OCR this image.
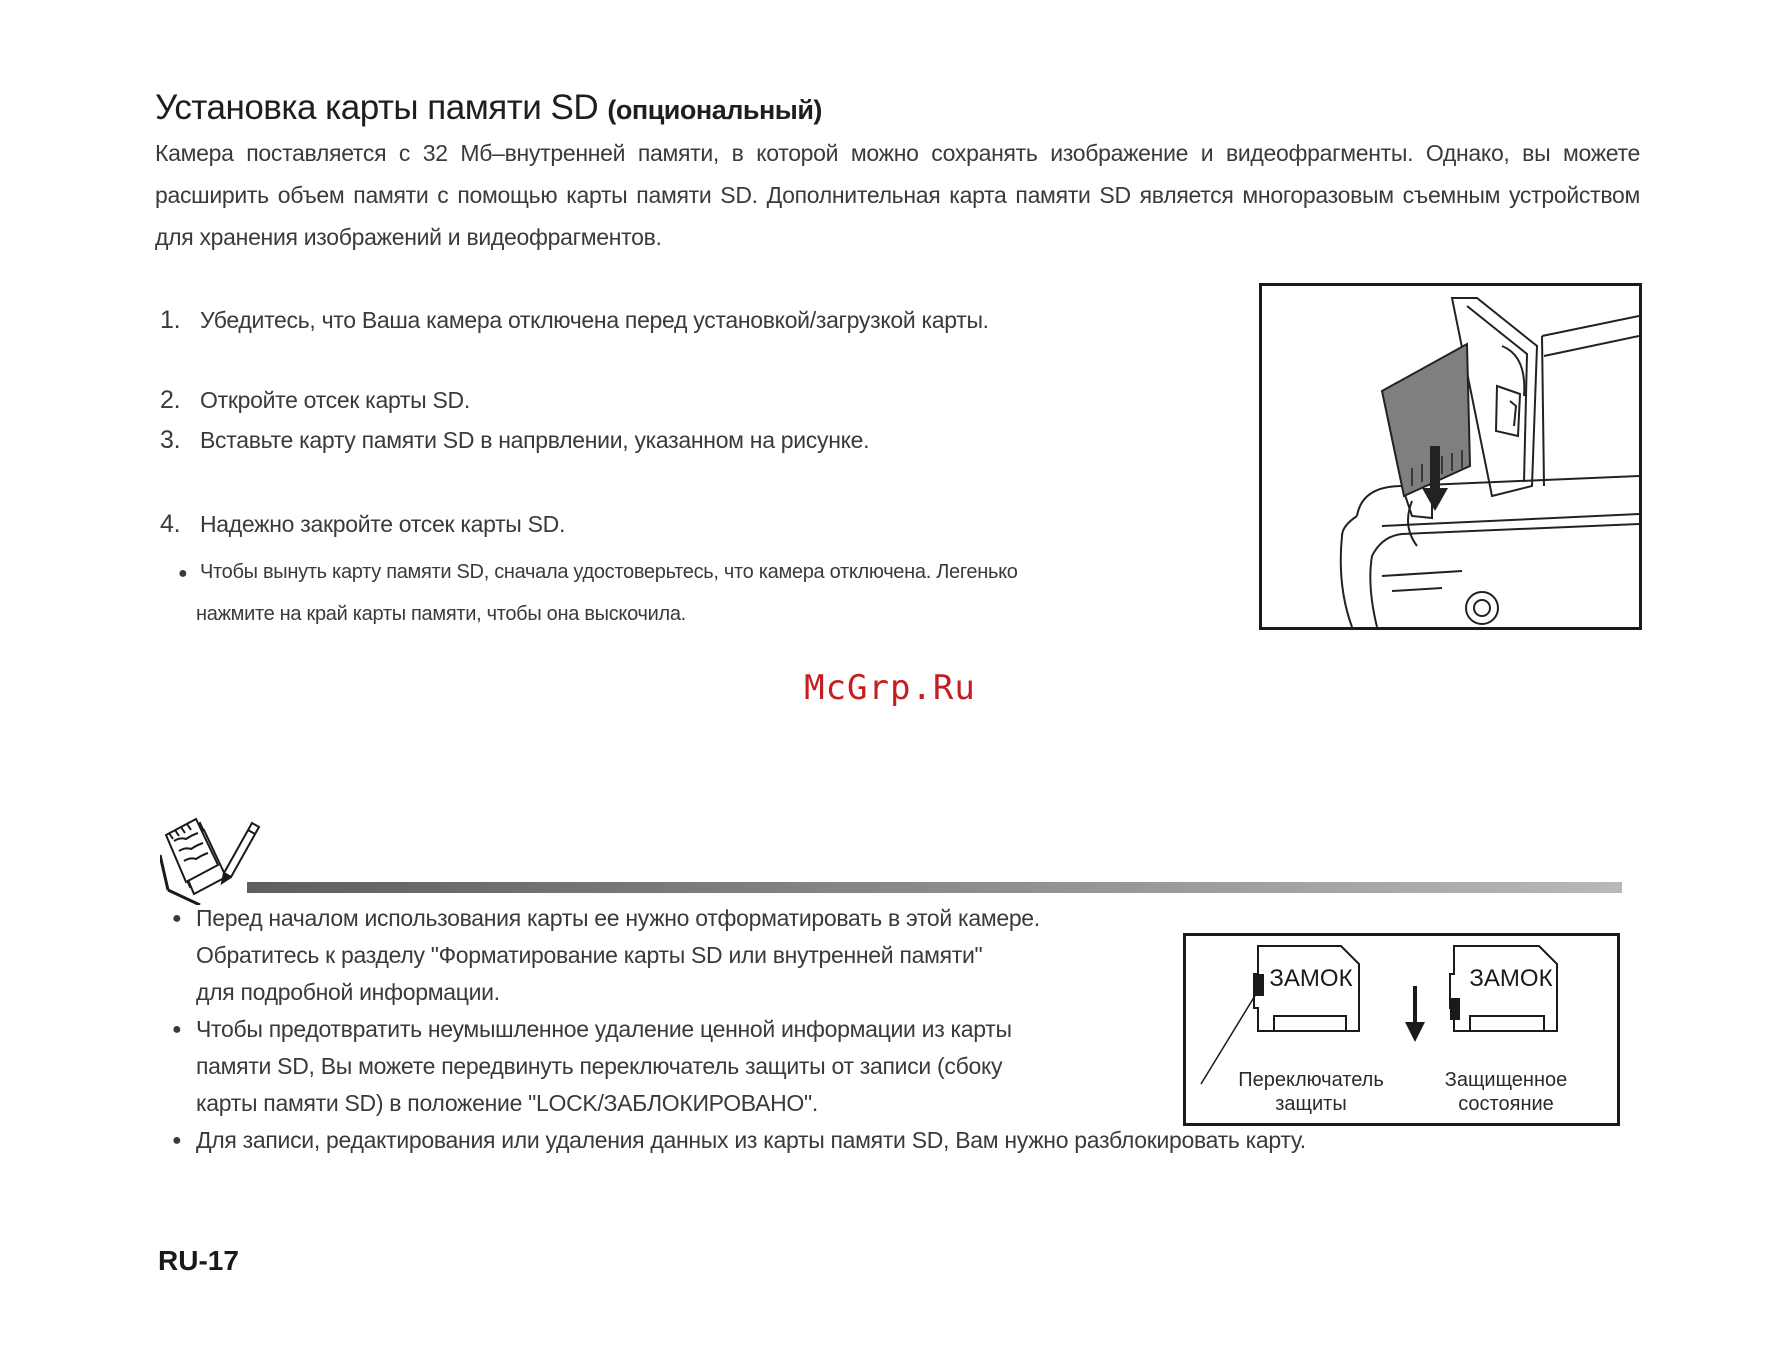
Установка карты памяти SD (опциональный)

Камера поставляется с 32 Мб–внутренней памяти, в которой можно сохранять изображение и видеофрагменты. Однако, вы можете расширить объем памяти с помощью карты памяти SD. Дополнительная карта памяти SD является многоразовым съемным устройством для хранения изображений и видеофрагментов.

1. Убедитесь, что Ваша камера отключена перед установкой/загрузкой карты.
2. Откройте отсек карты SD.
3. Вставьте карту памяти SD в напрвлении, указанном на рисунке.
4. Надежно закройте отсек карты SD.
● Чтобы вынуть карту памяти SD, сначала удостоверьтесь, что камера отключена. Легенько
нажмите на край карты памяти, чтобы она выскочила.
McGrp.Ru
● Перед началом использования карты ее нужно отформатировать в этой камере.
Обратитесь к разделу "Форматирование карты SD или внутренней памяти"
для подробной информации.
● Чтобы предотвратить неумышленное удаление ценной информации из карты
памяти SD, Вы можете передвинуть переключатель защиты от записи (сбоку
карты памяти SD) в положение "LOCK/ЗАБЛОКИРОВАНО".
● Для записи, редактирования или удаления данных из карты памяти SD, Вам нужно разблокировать карту.
ЗАМОК
Переключатель
защиты
ЗАМОК
Защищенное
состояние
RU-17
